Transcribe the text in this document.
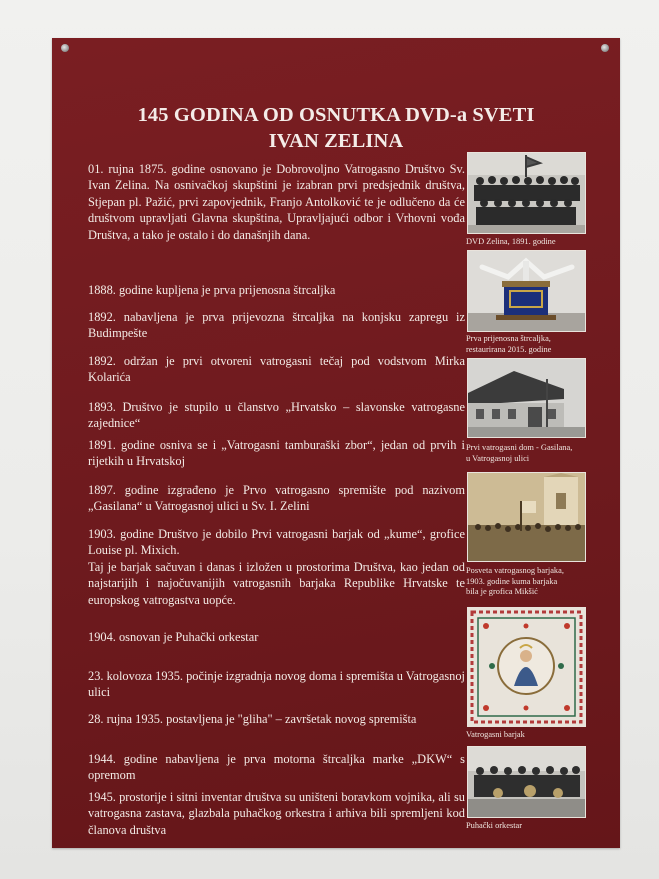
145 GODINA OD OSNUTKA DVD-a SVETI
IVAN ZELINA

01. rujna 1875. godine osnovano je Dobrovoljno Vatrogasno Društvo Sv. Ivan Zelina. Na osnivačkoj skupštini je izabran prvi predsjednik društva, Stjepan pl. Pažić, prvi zapovjednik, Franjo Antolković te je odlučeno da će društvom upravljati Glavna skupština, Upravljajući odbor i Vrhovni vođa Društva, a tako je ostalo i do današnjih dana.

1888. godine kupljena je prva prijenosna štrcaljka

1892. nabavljena je prva prijevozna štrcaljka na konjsku zapregu iz Budimpešte

1892. održan je prvi otvoreni vatrogasni tečaj pod vodstvom Mirka Kolarića

1893. Društvo je stupilo u članstvo „Hrvatsko – slavonske vatrogasne zajednice“

1891. godine osniva se i „Vatrogasni tamburaški zbor“, jedan od prvih i rijetkih u Hrvatskoj

1897. godine izgrađeno je Prvo vatrogasno spremište pod nazivom „Gasilana“ u Vatrogasnoj ulici u Sv. I. Zelini

1903. godine Društvo je dobilo Prvi vatrogasni barjak od „kume“, grofice Louise pl. Mixich.

Taj je barjak sačuvan i danas i izložen u prostorima Društva, kao jedan od najstarijih i najočuvanijih vatrogasnih barjaka Republike Hrvatske te europskog vatrogastva uopće.

1904. osnovan je Puhački orkestar

23. kolovoza 1935. počinje izgradnja novog doma i spremišta u Vatrogasnoj ulici

28. rujna 1935. postavljena je "gliha" – završetak novog spremišta

1944. godine nabavljena je prva motorna štrcaljka marke „DKW“ s opremom

1945. prostorije i sitni inventar društva su uništeni boravkom vojnika, ali su vatrogasna zastava, glazbala puhačkog orkestra i arhiva bili spremljeni kod članova društva

DVD Zelina, 1891. godine
Prva prijenosna štrcaljka,
restaurirana 2015. godine
Prvi vatrogasni dom - Gasilana,
u Vatrogasnoj ulici
Posveta vatrogasnog barjaka,
1903. godine kuma barjaka
bila je grofica Mikšić
Vatrogasni barjak
Puhački orkestar
